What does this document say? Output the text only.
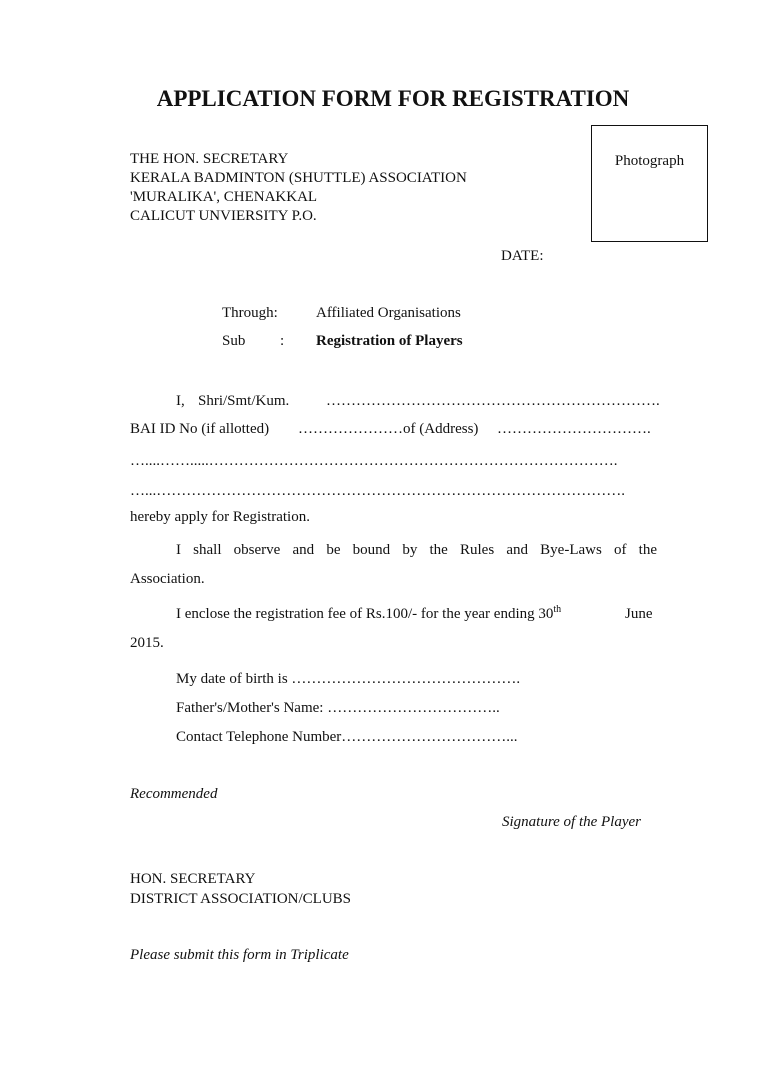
APPLICATION FORM FOR REGISTRATION
Photograph
THE HON. SECRETARY
KERALA BADMINTON (SHUTTLE) ASSOCIATION
'MURALIKA', CHENAKKAL
CALICUT UNVIERSITY P.O.
DATE:
Through:	Affiliated Organisations
Sub : Registration of Players
I, Shri/Smt/Kum. ………………………………………………………….
BAI ID No (if allotted) …………………of (Address) ………………………….
…....…….....……………………………………………………………………….
…...………………………………………………………………………………….
hereby apply for Registration.
I shall observe and be bound by the Rules and Bye-Laws of the
Association.
I enclose the registration fee of Rs.100/- for the year ending 30th	June
2015.
My date of birth is ……………………………………….
Father's/Mother's Name: ……………………………..
Contact Telephone Number……………………………...
Recommended
Signature of the Player
HON. SECRETARY
DISTRICT ASSOCIATION/CLUBS
Please submit this form in Triplicate
